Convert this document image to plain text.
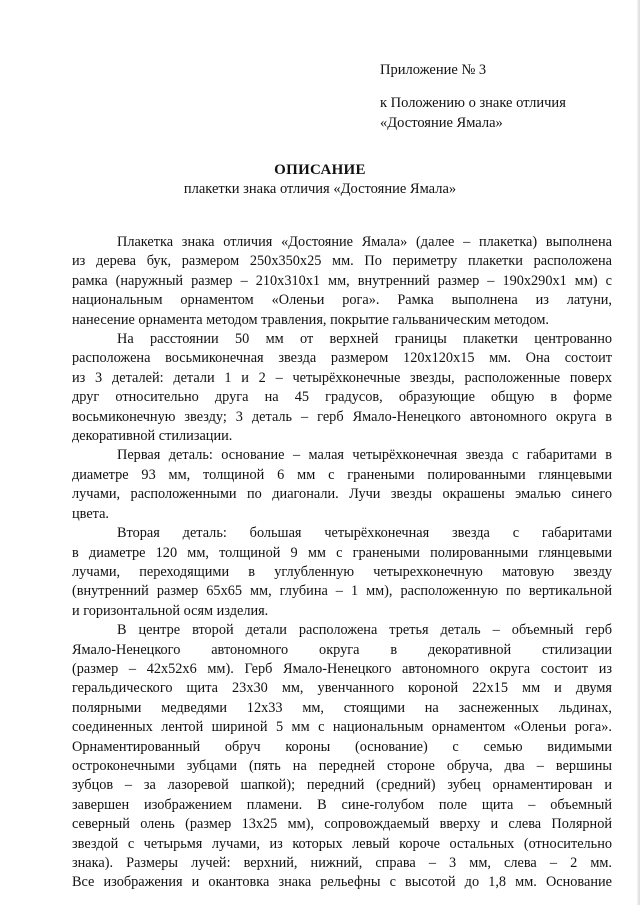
Приложение № 3
к Положению о знаке отличия
«Достояние Ямала»
ОПИСАНИЕ
плакетки знака отличия «Достояние Ямала»
Плакетка знака отличия «Достояние Ямала» (далее – плакетка) выполнена
из дерева бук, размером 250х350х25 мм. По периметру плакетки расположена
рамка (наружный размер – 210х310х1 мм, внутренний размер – 190х290х1 мм) с
национальным орнаментом «Оленьи рога». Рамка выполнена из латуни,
нанесение орнамента методом травления, покрытие гальваническим методом.
На расстоянии 50 мм от верхней границы плакетки центрованно
расположена восьмиконечная звезда размером 120х120х15 мм. Она состоит
из 3 деталей: детали 1 и 2 – четырёхконечные звезды, расположенные поверх
друг относительно друга на 45 градусов, образующие общую в форме
восьмиконечную звезду; 3 деталь – герб Ямало-Ненецкого автономного округа в
декоративной стилизации.
Первая деталь: основание – малая четырёхконечная звезда с габаритами в
диаметре 93 мм, толщиной 6 мм с гранеными полированными глянцевыми
лучами, расположенными по диагонали. Лучи звезды окрашены эмалью синего
цвета.
Вторая деталь: большая четырёхконечная звезда с габаритами
в диаметре 120 мм, толщиной 9 мм с гранеными полированными глянцевыми
лучами, переходящими в углубленную четырехконечную матовую звезду
(внутренний размер 65х65 мм, глубина – 1 мм), расположенную по вертикальной
и горизонтальной осям изделия.
В центре второй детали расположена третья деталь – объемный герб
Ямало-Ненецкого автономного округа в декоративной стилизации
(размер – 42х52х6 мм). Герб Ямало-Ненецкого автономного округа состоит из
геральдического щита 23х30 мм, увенчанного короной 22х15 мм и двумя
полярными медведями 12х33 мм, стоящими на заснеженных льдинах,
соединенных лентой шириной 5 мм с национальным орнаментом «Оленьи рога».
Орнаментированный обруч короны (основание) с семью видимыми
остроконечными зубцами (пять на передней стороне обруча, два – вершины
зубцов – за лазоревой шапкой); передний (средний) зубец орнаментирован и
завершен изображением пламени. В сине-голубом поле щита – объемный
северный олень (размер 13х25 мм), сопровождаемый вверху и слева Полярной
звездой с четырьмя лучами, из которых левый короче остальных (относительно
знака). Размеры лучей: верхний, нижний, справа – 3 мм, слева – 2 мм.
Все изображения и окантовка знака рельефны с высотой до 1,8 мм. Основание
